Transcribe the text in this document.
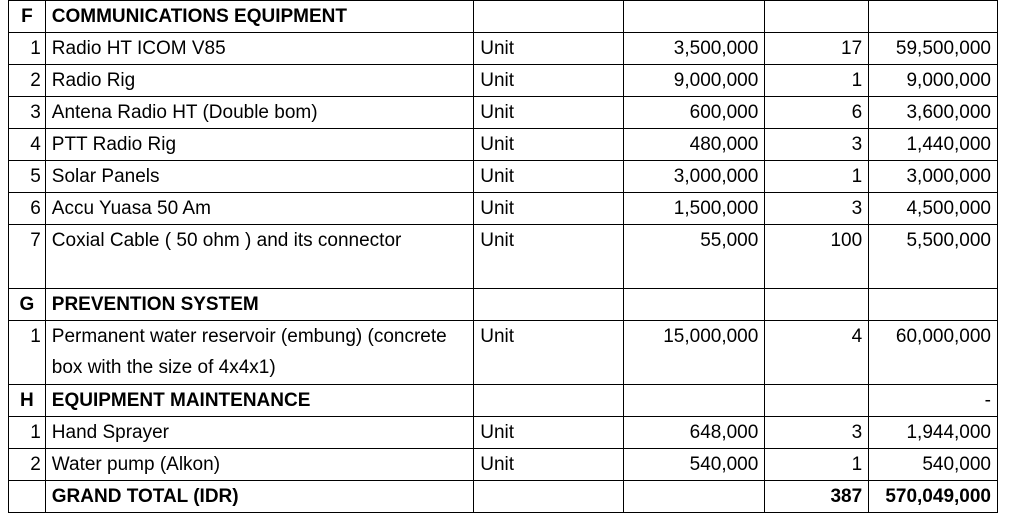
F	COMMUNICATIONS EQUIPMENT				
1	Radio HT ICOM V85	Unit	3,500,000	17	59,500,000
2	Radio Rig	Unit	9,000,000	1	9,000,000
3	Antena Radio HT (Double bom)	Unit	600,000	6	3,600,000
4	PTT Radio Rig	Unit	480,000	3	1,440,000
5	Solar Panels	Unit	3,000,000	1	3,000,000
6	Accu Yuasa 50 Am	Unit	1,500,000	3	4,500,000
7	Coxial Cable ( 50 ohm ) and its connector	Unit	55,000	100	5,500,000
G	PREVENTION SYSTEM				
1	Permanent water reservoir (embung) (concrete box with the size of 4x4x1)	Unit	15,000,000	4	60,000,000
H	EQUIPMENT MAINTENANCE				-
1	Hand Sprayer	Unit	648,000	3	1,944,000
2	Water pump (Alkon)	Unit	540,000	1	540,000
	GRAND TOTAL (IDR)			387	570,049,000
